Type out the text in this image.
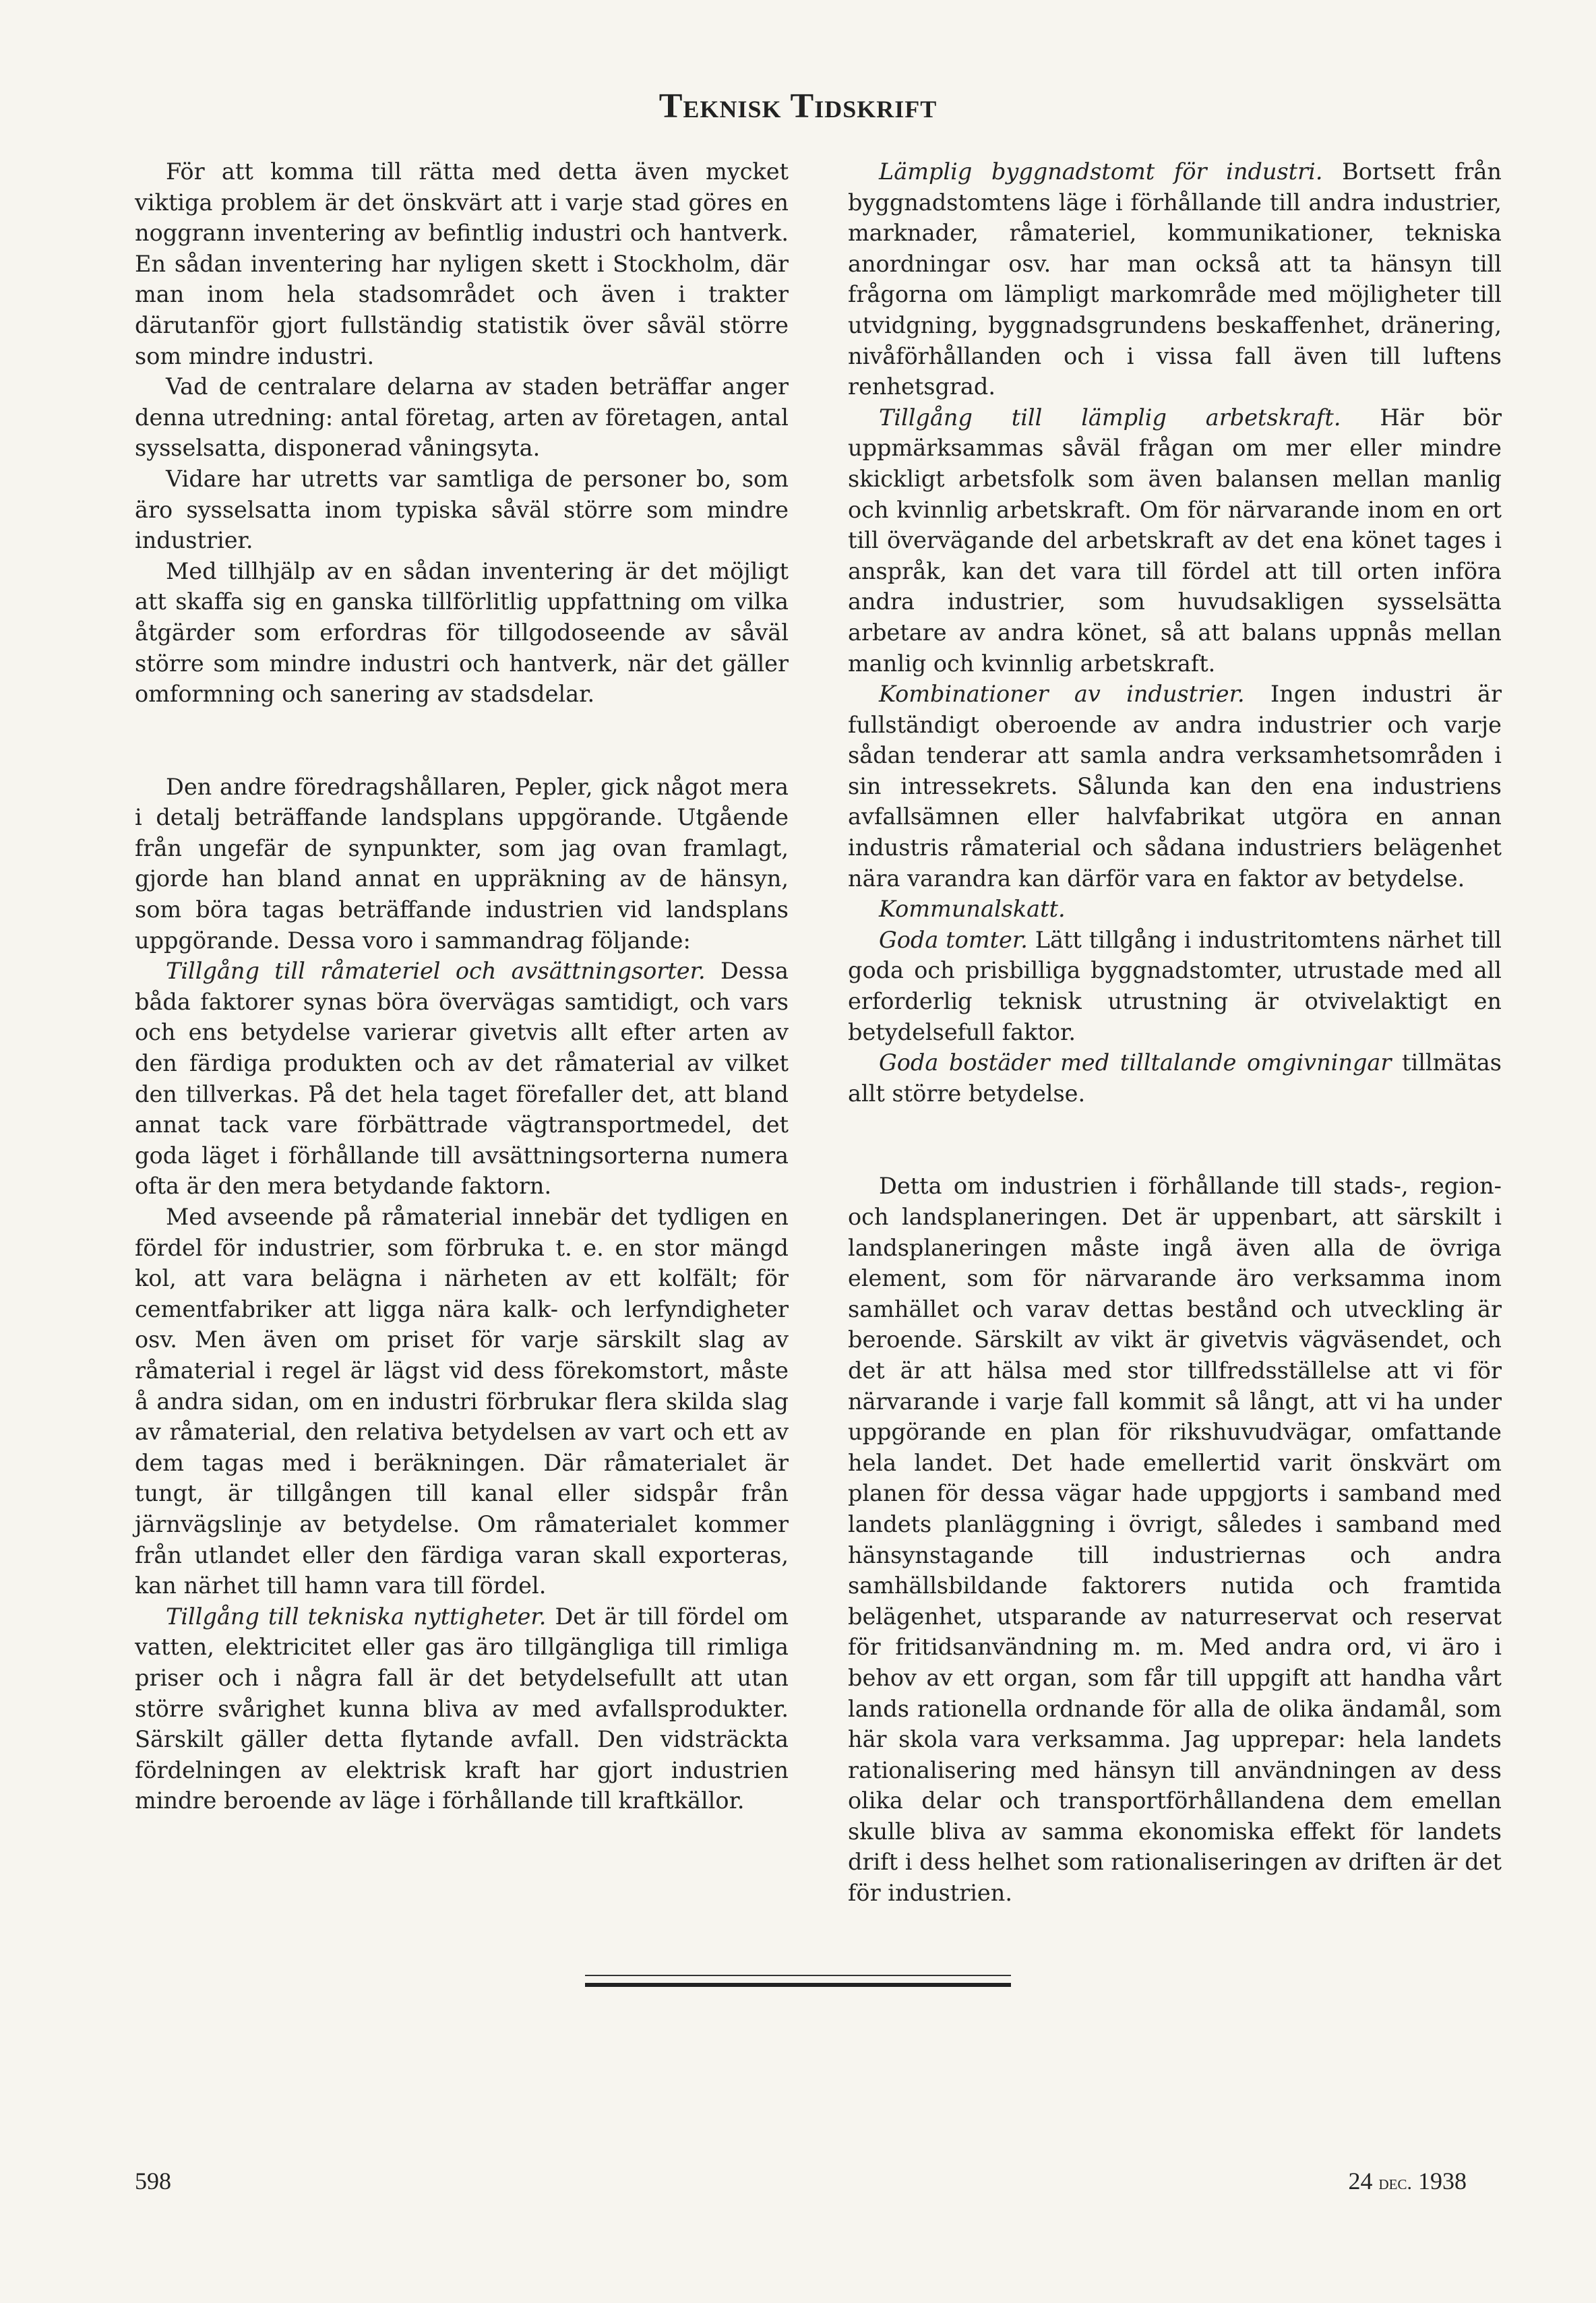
Teknisk Tidskrift

För att komma till rätta med detta även mycket viktiga problem är det önskvärt att i varje stad göres en noggrann inventering av befintlig industri och hantverk. En sådan inventering har nyligen skett i Stockholm, där man inom hela stadsområdet och även i trakter därutanför gjort fullständig statistik över såväl större som mindre industri.

Vad de centralare delarna av staden beträffar anger denna utredning: antal företag, arten av företagen, antal sysselsatta, disponerad våningsyta.

Vidare har utretts var samtliga de personer bo, som äro sysselsatta inom typiska såväl större som mindre industrier.

Med tillhjälp av en sådan inventering är det möjligt att skaffa sig en ganska tillförlitlig uppfattning om vilka åtgärder som erfordras för tillgodoseende av såväl större som mindre industri och hantverk, när det gäller omformning och sanering av stadsdelar.

Den andre föredragshållaren, Pepler, gick något mera i detalj beträffande landsplans uppgörande. Utgående från ungefär de synpunkter, som jag ovan framlagt, gjorde han bland annat en uppräkning av de hänsyn, som böra tagas beträffande industrien vid landsplans uppgörande. Dessa voro i sammandrag följande:

Tillgång till råmateriel och avsättningsorter. Dessa båda faktorer synas böra övervägas samtidigt, och vars och ens betydelse varierar givetvis allt efter arten av den färdiga produkten och av det råmaterial av vilket den tillverkas. På det hela taget förefaller det, att bland annat tack vare förbättrade vägtransportmedel, det goda läget i förhållande till avsättningsorterna numera ofta är den mera betydande faktorn.

Med avseende på råmaterial innebär det tydligen en fördel för industrier, som förbruka t. e. en stor mängd kol, att vara belägna i närheten av ett kolfält; för cementfabriker att ligga nära kalk- och lerfyndigheter osv. Men även om priset för varje särskilt slag av råmaterial i regel är lägst vid dess förekomstort, måste å andra sidan, om en industri förbrukar flera skilda slag av råmaterial, den relativa betydelsen av vart och ett av dem tagas med i beräkningen. Där råmaterialet är tungt, är tillgången till kanal eller sidspår från järnvägslinje av betydelse. Om råmaterialet kommer från utlandet eller den färdiga varan skall exporteras, kan närhet till hamn vara till fördel.

Tillgång till tekniska nyttigheter. Det är till fördel om vatten, elektricitet eller gas äro tillgängliga till rimliga priser och i några fall är det betydelsefullt att utan större svårighet kunna bliva av med avfallsprodukter. Särskilt gäller detta flytande avfall. Den vidsträckta fördelningen av elektrisk kraft har gjort industrien mindre beroende av läge i förhållande till kraftkällor.

Lämplig byggnadstomt för industri. Bortsett från byggnadstomtens läge i förhållande till andra industrier, marknader, råmateriel, kommunikationer, tekniska anordningar osv. har man också att ta hänsyn till frågorna om lämpligt markområde med möjligheter till utvidgning, byggnadsgrundens beskaffenhet, dränering, nivåförhållanden och i vissa fall även till luftens renhetsgrad.

Tillgång till lämplig arbetskraft. Här bör uppmärksammas såväl frågan om mer eller mindre skickligt arbetsfolk som även balansen mellan manlig och kvinnlig arbetskraft. Om för närvarande inom en ort till övervägande del arbetskraft av det ena könet tages i anspråk, kan det vara till fördel att till orten införa andra industrier, som huvudsakligen sysselsätta arbetare av andra könet, så att balans uppnås mellan manlig och kvinnlig arbetskraft.

Kombinationer av industrier. Ingen industri är fullständigt oberoende av andra industrier och varje sådan tenderar att samla andra verksamhetsområden i sin intressekrets. Sålunda kan den ena industriens avfallsämnen eller halvfabrikat utgöra en annan industris råmaterial och sådana industriers belägenhet nära varandra kan därför vara en faktor av betydelse.

Kommunalskatt.

Goda tomter. Lätt tillgång i industritomtens närhet till goda och prisbilliga byggnadstomter, utrustade med all erforderlig teknisk utrustning är otvivelaktigt en betydelsefull faktor.

Goda bostäder med tilltalande omgivningar tillmätas allt större betydelse.

Detta om industrien i förhållande till stads-, region- och landsplaneringen. Det är uppenbart, att särskilt i landsplaneringen måste ingå även alla de övriga element, som för närvarande äro verksamma inom samhället och varav dettas bestånd och utveckling är beroende. Särskilt av vikt är givetvis vägväsendet, och det är att hälsa med stor tillfredsställelse att vi för närvarande i varje fall kommit så långt, att vi ha under uppgörande en plan för rikshuvudvägar, omfattande hela landet. Det hade emellertid varit önskvärt om planen för dessa vägar hade uppgjorts i samband med landets planläggning i övrigt, således i samband med hänsynstagande till industriernas och andra samhällsbildande faktorers nutida och framtida belägenhet, utsparande av naturreservat och reservat för fritidsanvändning m. m. Med andra ord, vi äro i behov av ett organ, som får till uppgift att handha vårt lands rationella ordnande för alla de olika ändamål, som här skola vara verksamma. Jag upprepar: hela landets rationalisering med hänsyn till användningen av dess olika delar och transportförhållandena dem emellan skulle bliva av samma ekonomiska effekt för landets drift i dess helhet som rationaliseringen av driften är det för industrien.

598	24 dec. 1938
